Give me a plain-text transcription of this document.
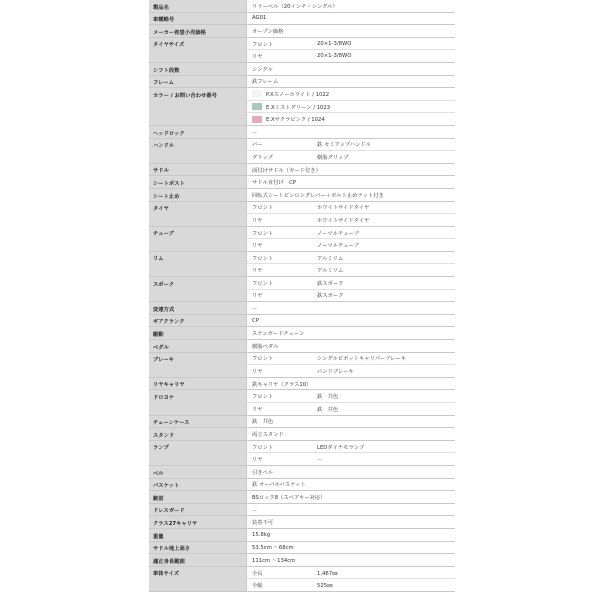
製品名	リリーベル（20インチ・シングル）
車種略号	AG01
メーカー希望小売価格	オープン価格
タイヤサイズ	フロント	20×1-3/8WO
リヤ	20×1-3/8WO
シフト段数	シングル
フレーム	鉄フレーム
カラー / お問い合わせ番号	P.Xスノーホワイト / 1022
E.Xミストグリーン / 1023
E.Xサクラピンク / 1024
ヘッドロック	－
ハンドル	バー	鉄 セミアップハンドル
グリップ	樹脂グリップ
サドル	面付けサドル（ガード付き）
シートポスト	サドル直付け　CP
シート止め	回転式シートピンロングレバー＋ボルト止めナット付き
タイヤ	フロント	ホワイトサイドタイヤ
リヤ	ホワイトサイドタイヤ
チューブ	フロント	ノーマルチューブ
リヤ	ノーマルチューブ
リム	フロント	アルミリム
リヤ	アルミリム
スポーク	フロント	鉄スポーク
リヤ	鉄スポーク
変速方式	－
ギアクランク	CP
駆動	ステンガードチェーン
ペダル	樹脂ペダル
ブレーキ	フロント	シングルピボットキャリパーブレーキ
リヤ	バンドブレーキ
リヤキャリヤ	鉄キャリヤ（クラス10）
ドロヨケ	フロント	鉄　共色
リヤ	鉄　共色
チェーンケース	鉄　共色
スタンド	両立スタンド
ランプ	フロント	LEDダイナモランプ
リヤ	－
ベル	引きベル
バスケット	鉄 オーバルバスケット
錠前	BSロック8（スペアキー対応）
ドレスガード	－
クラス27キャリヤ	装着不可
重量	15.8kg
サドル地上高さ	53.5cm ～68cm
適正身長範囲	111cm ～134cm
車体サイズ	全長	1,467㎜
全幅	525㎜
